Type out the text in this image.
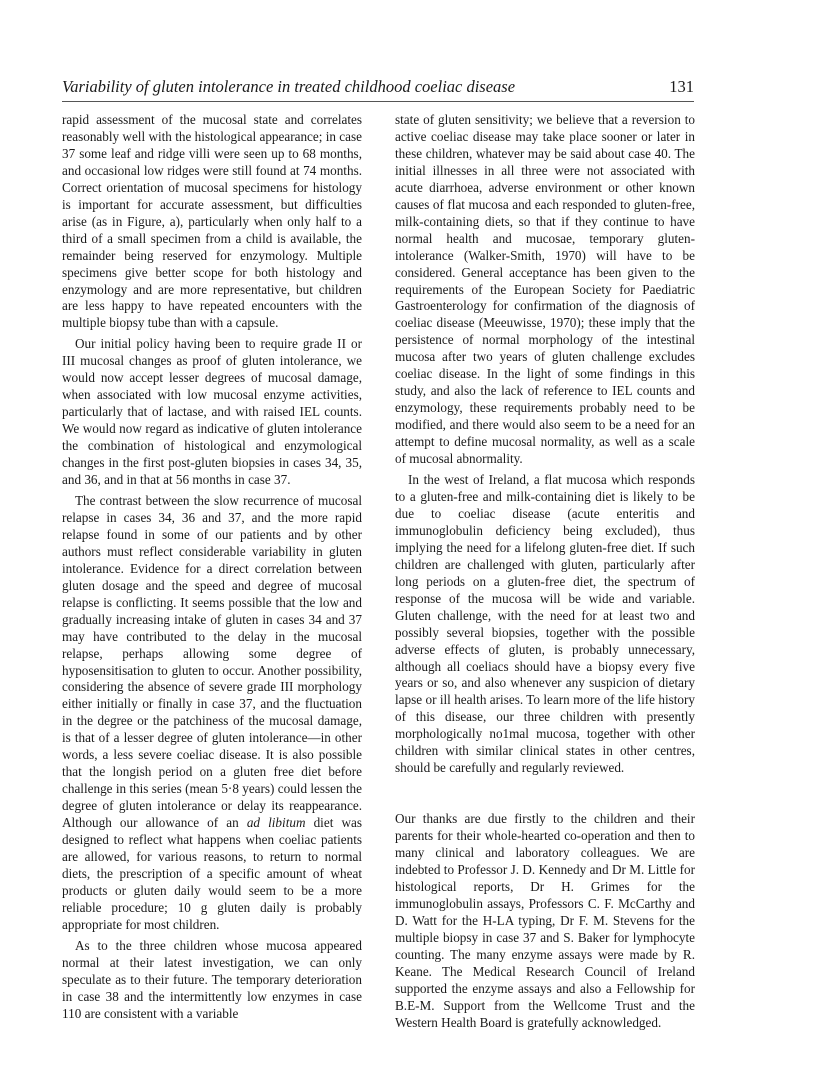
Variability of gluten intolerance in treated childhood coeliac disease	131

rapid assessment of the mucosal state and correlates reasonably well with the histological appearance; in case 37 some leaf and ridge villi were seen up to 68 months, and occasional low ridges were still found at 74 months. Correct orientation of mucosal specimens for histology is important for accurate assessment, but difficulties arise (as in Figure, a), particularly when only half to a third of a small specimen from a child is available, the remainder being reserved for enzymology. Multiple specimens give better scope for both histology and enzymology and are more representative, but children are less happy to have repeated encounters with the multiple biopsy tube than with a capsule.

Our initial policy having been to require grade II or III mucosal changes as proof of gluten intolerance, we would now accept lesser degrees of mucosal damage, when associated with low mucosal enzyme activities, particularly that of lactase, and with raised IEL counts. We would now regard as indicative of gluten intolerance the combination of histological and enzymological changes in the first post-gluten biopsies in cases 34, 35, and 36, and in that at 56 months in case 37.

The contrast between the slow recurrence of mucosal relapse in cases 34, 36 and 37, and the more rapid relapse found in some of our patients and by other authors must reflect considerable variability in gluten intolerance. Evidence for a direct correlation between gluten dosage and the speed and degree of mucosal relapse is conflicting. It seems possible that the low and gradually increasing intake of gluten in cases 34 and 37 may have contributed to the delay in the mucosal relapse, perhaps allowing some degree of hyposensitisation to gluten to occur. Another possibility, considering the absence of severe grade III morphology either initially or finally in case 37, and the fluctuation in the degree or the patchiness of the mucosal damage, is that of a lesser degree of gluten intolerance—in other words, a less severe coeliac disease. It is also possible that the longish period on a gluten free diet before challenge in this series (mean 5·8 years) could lessen the degree of gluten intolerance or delay its reappearance. Although our allowance of an ad libitum diet was designed to reflect what happens when coeliac patients are allowed, for various reasons, to return to normal diets, the prescription of a specific amount of wheat products or gluten daily would seem to be a more reliable procedure; 10 g gluten daily is probably appropriate for most children.

As to the three children whose mucosa appeared normal at their latest investigation, we can only speculate as to their future. The temporary deterioration in case 38 and the intermittently low enzymes in case 110 are consistent with a variable

state of gluten sensitivity; we believe that a reversion to active coeliac disease may take place sooner or later in these children, whatever may be said about case 40. The initial illnesses in all three were not associated with acute diarrhoea, adverse environment or other known causes of flat mucosa and each responded to gluten-free, milk-containing diets, so that if they continue to have normal health and mucosae, temporary gluten-intolerance (Walker-Smith, 1970) will have to be considered. General acceptance has been given to the requirements of the European Society for Paediatric Gastroenterology for confirmation of the diagnosis of coeliac disease (Meeuwisse, 1970); these imply that the persistence of normal morphology of the intestinal mucosa after two years of gluten challenge excludes coeliac disease. In the light of some findings in this study, and also the lack of reference to IEL counts and enzymology, these requirements probably need to be modified, and there would also seem to be a need for an attempt to define mucosal normality, as well as a scale of mucosal abnormality.

In the west of Ireland, a flat mucosa which responds to a gluten-free and milk-containing diet is likely to be due to coeliac disease (acute enteritis and immunoglobulin deficiency being excluded), thus implying the need for a lifelong gluten-free diet. If such children are challenged with gluten, particularly after long periods on a gluten-free diet, the spectrum of response of the mucosa will be wide and variable. Gluten challenge, with the need for at least two and possibly several biopsies, together with the possible adverse effects of gluten, is probably unnecessary, although all coeliacs should have a biopsy every five years or so, and also whenever any suspicion of dietary lapse or ill health arises. To learn more of the life history of this disease, our three children with presently morphologically no1mal mucosa, together with other children with similar clinical states in other centres, should be carefully and regularly reviewed.

Our thanks are due firstly to the children and their parents for their whole-hearted co-operation and then to many clinical and laboratory colleagues. We are indebted to Professor J. D. Kennedy and Dr M. Little for histological reports, Dr H. Grimes for the immunoglobulin assays, Professors C. F. McCarthy and D. Watt for the H-LA typing, Dr F. M. Stevens for the multiple biopsy in case 37 and S. Baker for lymphocyte counting. The many enzyme assays were made by R. Keane. The Medical Research Council of Ireland supported the enzyme assays and also a Fellowship for B.E-M. Support from the Wellcome Trust and the Western Health Board is gratefully acknowledged.
